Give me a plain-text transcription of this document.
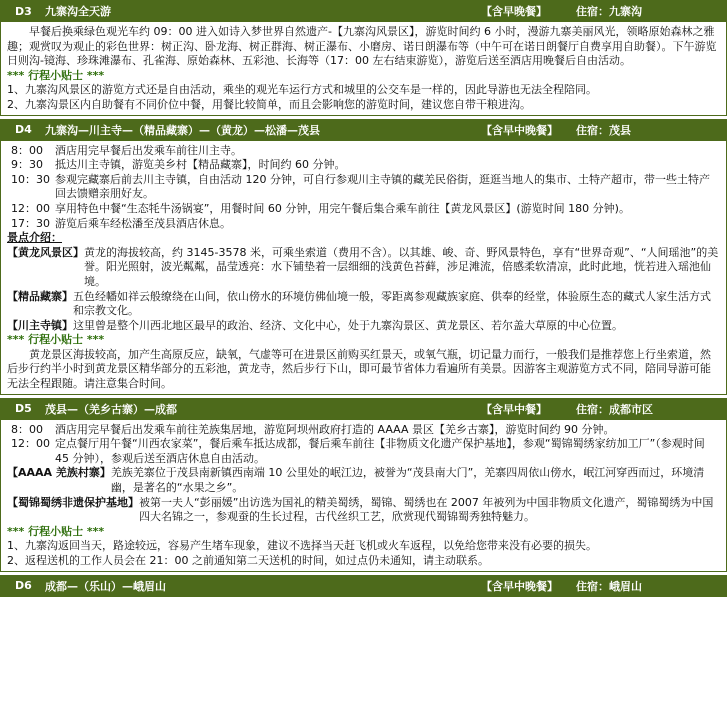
D3	九寨沟全天游	【含早晚餐】	住宿：九寨沟

早餐后换乘绿色观光车约 09：00 进入如诗入梦世界自然遗产-【九寨沟风景区】，游览时间约 6 小时，漫游九寨美丽风光，领略原始森林之雅趣；观赏叹为观止的彩色世界：树正沟、卧龙海、树正群海、树正瀑布、小磨房、诺日朗瀑布等（中午可在诺日朗餐厅自费享用自助餐）。下午游览日则沟-镜海、珍珠滩瀑布、孔雀海、原始森林、五彩池、长海等（17：00 左右结束游览），游览后送至酒店用晚餐后自由活动。

*** 行程小贴士 ***

1、九寨沟风景区的游览方式还是自由活动，乘坐的观光车运行方式和城里的公交车是一样的，因此导游也无法全程陪同。

2、九寨沟景区内自助餐有不同价位中餐，用餐比较简单，而且会影响您的游览时间，建议您自带干粮进沟。

D4	九寨沟—川主寺—（精品藏寨）—（黄龙）—松潘—茂县	【含早中晚餐】	住宿：茂县
8：00	酒店用完早餐后出发乘车前往川主寺。
9：30	抵达川主寺镇，游览美乡村【精品藏寨】，时间约 60 分钟。
10：30 参观完藏寨后前去川主寺镇，自由活动 120 分钟，可自行参观川主寺镇的藏羌民俗街，逛逛当地人的集市、土特产超市，带一些土特产回去馈赠亲朋好友。
12：00 享用特色中餐“生态牦牛汤锅宴”，用餐时间 60 分钟，用完午餐后集合乘车前往【黄龙风景区】(游览时间 180 分钟)。
17：30 游览后乘车经松潘至茂县酒店休息。

景点介绍：

【黄龙风景区】 黄龙的海拔较高，约 3145-3578 米，可乘坐索道（费用不含）。以其雄、峻、奇、野风景特色，享有“世界奇观”、“人间瑶池”的美誉。阳光照射，波光粼粼，晶莹透亮：水下铺垫着一层细细的浅黄色苔藓，涉足滩流，倍感柔软清凉，此时此地，恍若进入瑶池仙境。
【精品藏寨】 五色经幡如祥云般缭绕在山间，依山傍水的环境仿佛仙境一般，零距离参观藏族家庭、供奉的经堂，体验原生态的藏式人家生活方式和宗教文化。
【川主寺镇】 这里曾是整个川西北地区最早的政治、经济、文化中心，处于九寨沟景区、黄龙景区、若尔盖大草原的中心位置。

*** 行程小贴士 ***

黄龙景区海拔较高，加产生高原反应，缺氧，气虚等可在进景区前购买红景天，或氧气瓶，切记量力而行，一般我们是推荐您上行坐索道，然后步行约半小时到黄龙景区精华部分的五彩池，黄龙寺，然后步行下山，即可最节省体力看遍所有美景。因游客主观游览方式不同，陪同导游可能无法全程跟随。请注意集合时间。

D5	茂县—（羌乡古寨）—成都	【含早中餐】	住宿：成都市区
8：00	酒店用完早餐后出发乘车前往羌族集居地，游览阿坝州政府打造的 AAAA 景区【羌乡古寨】，游览时间约 90 分钟。
12：00 定点餐厅用午餐“川西农家菜”，餐后乘车抵达成都，餐后乘车前往【非物质文化遗产保护基地】，参观“蜀锦蜀绣家纺加工厂”（参观时间 45 分钟），参观后送至酒店休息自由活动。
【AAAA 羌族村寨】 羌族羌寨位于茂县南新镇西南端 10 公里处的岷江边，被誉为“茂县南大门”，羌寨四周依山傍水，岷江河穿西而过，环境清幽，是著名的“水果之乡”。
【蜀锦蜀绣非遗保护基地】 被第一夫人“彭丽媛”出访选为国礼的精美蜀绣，蜀锦、蜀绣也在 2007 年被列为中国非物质文化遗产，蜀锦蜀绣为中国四大名锦之一，参观蚕的生长过程，古代丝织工艺，欣赏现代蜀锦蜀秀独特魅力。

*** 行程小贴士 ***

1、九寨沟返回当天，路途较远，容易产生堵车现象，建议不选择当天赶飞机或火车返程，以免给您带来没有必要的损失。

2、返程送机的工作人员会在 21：00 之前通知第二天送机的时间，如过点仍未通知，请主动联系。

D6	成都—（乐山）—峨眉山	【含早中晚餐】	住宿：峨眉山
